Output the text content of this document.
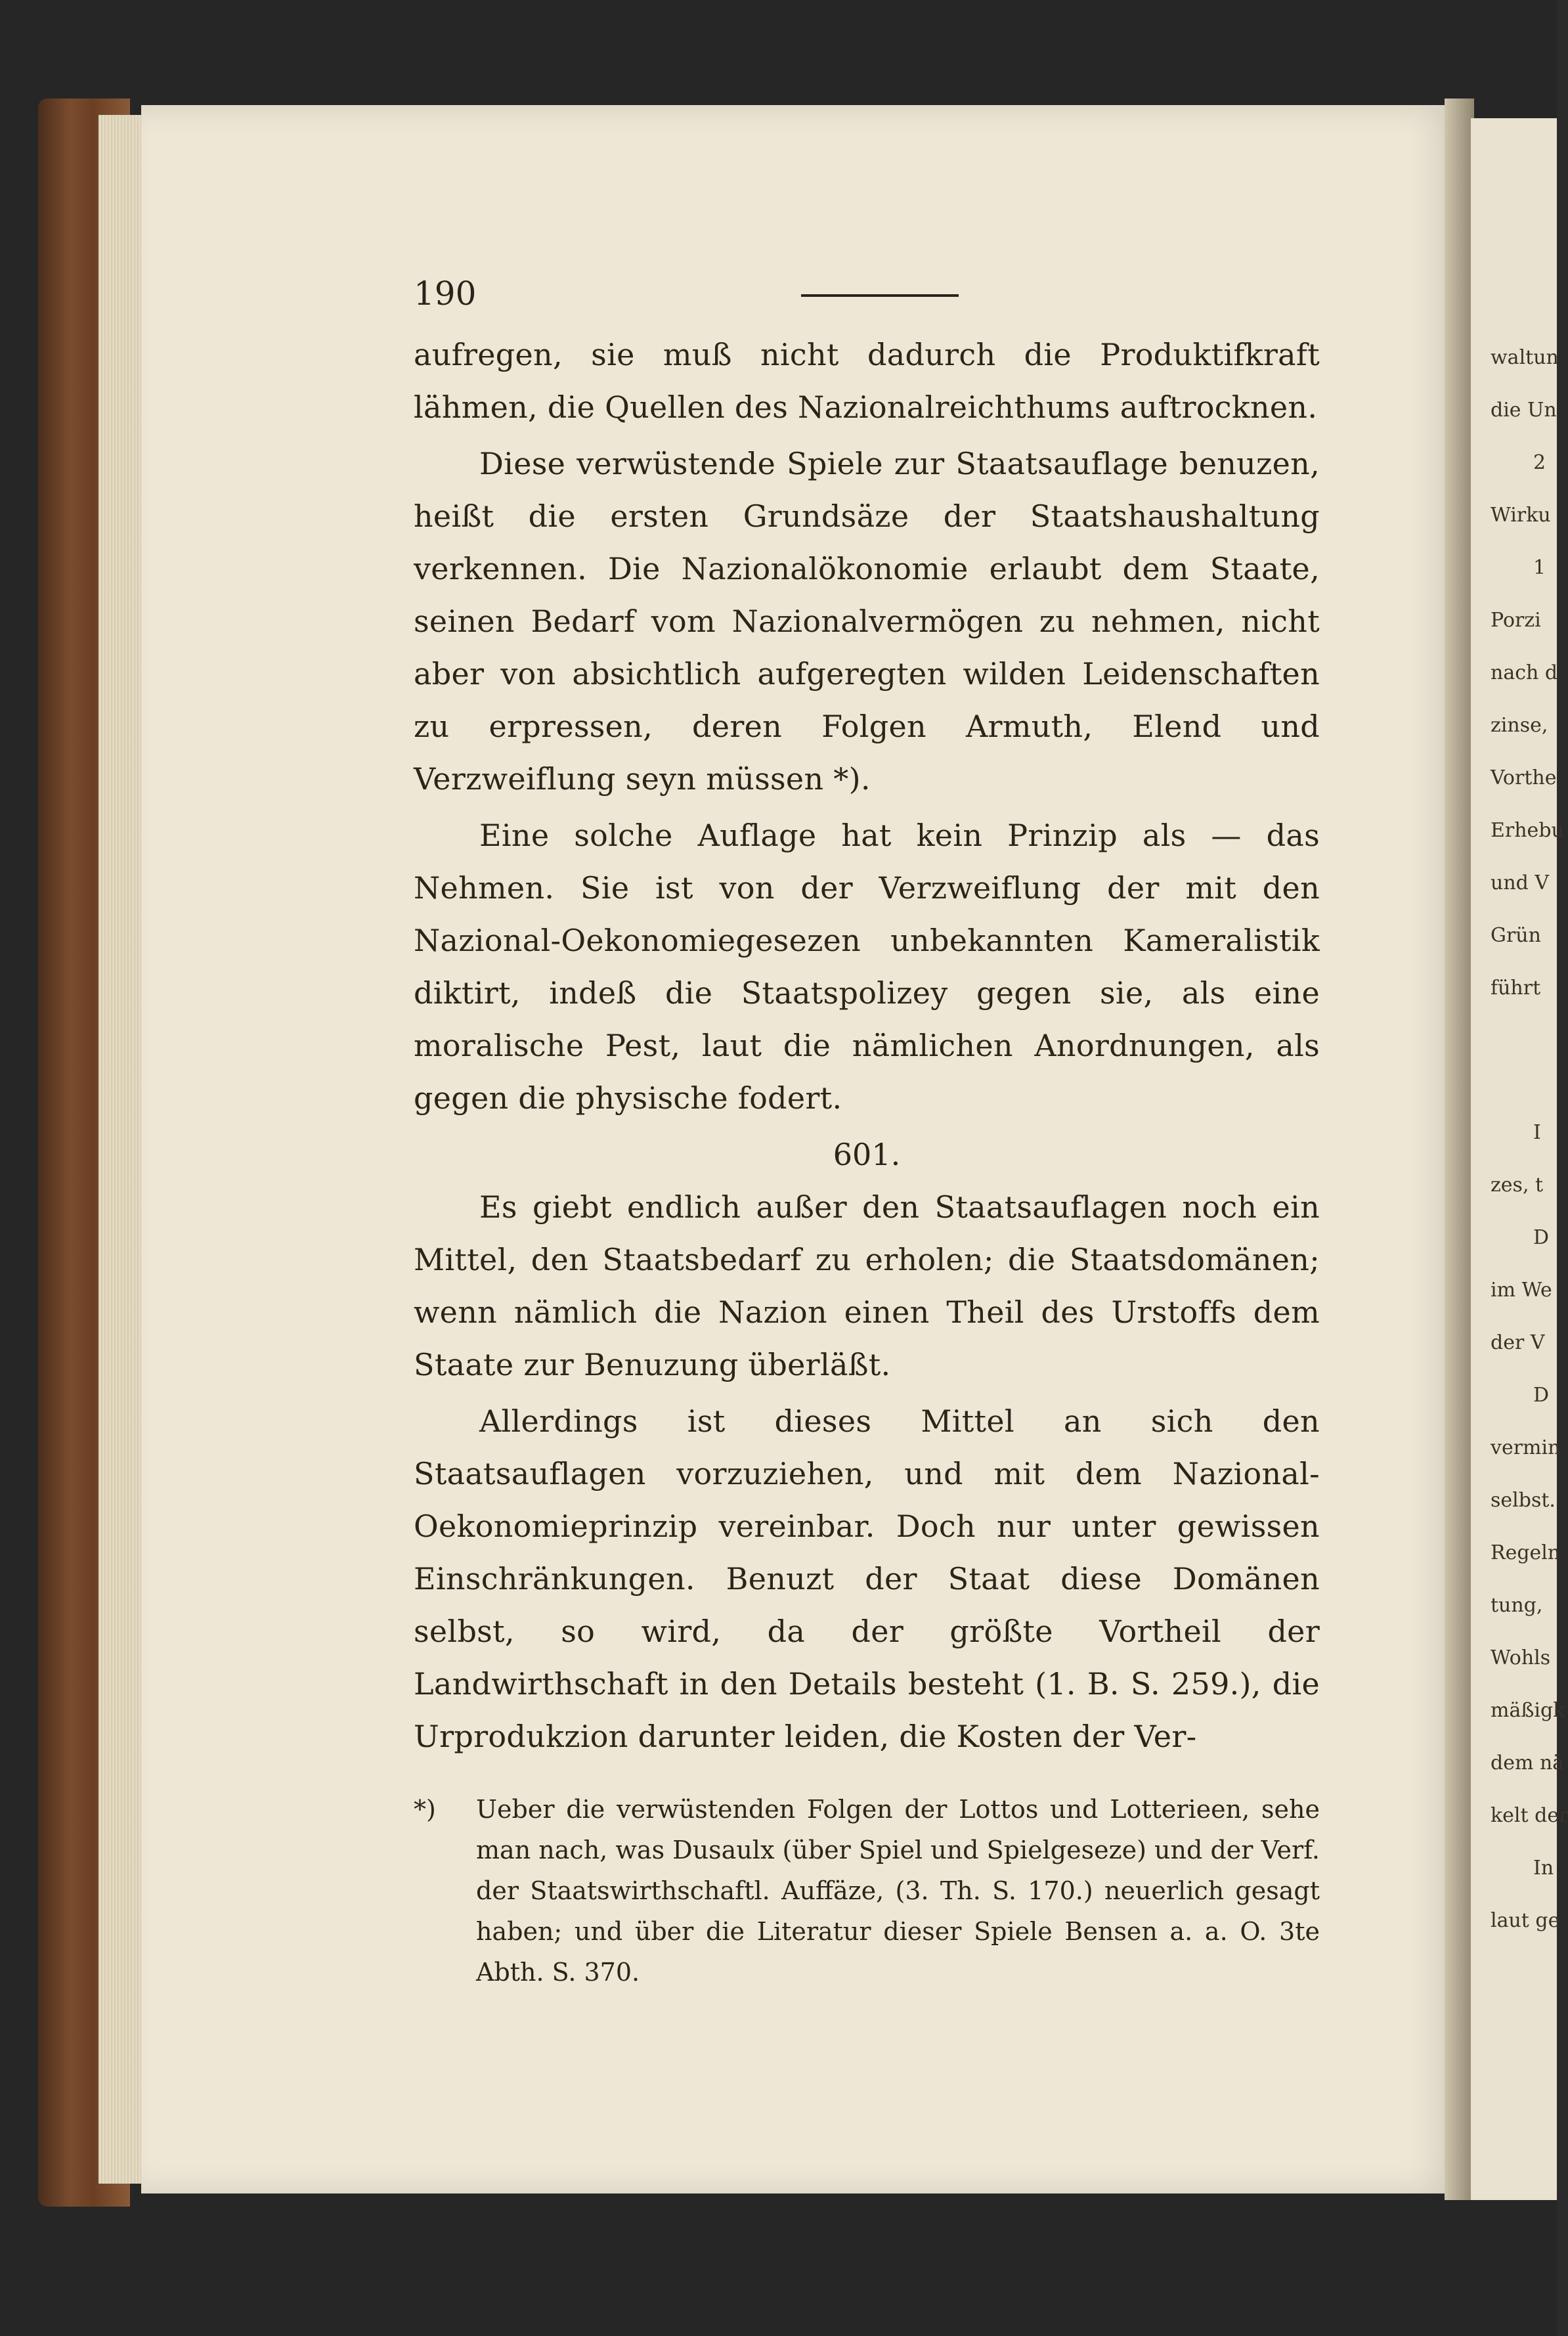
waltun
die Un
2
Wirku
1
Porzi
nach d
zinse,
Vorthe
Erhebu
und V
Grün
führt
I
zes, t
D
im We
der V
D
vermin
selbst.
Regeln
tung,
Wohls
mäßigk
dem nä
kelt der
In
laut ge
190

aufregen, sie muß nicht dadurch die Produktifkraft lähmen, die Quellen des Nazionalreichthums auftrocknen.

Diese verwüstende Spiele zur Staatsauflage benuzen, heißt die ersten Grundsäze der Staatshaushaltung verkennen. Die Nazionalökonomie erlaubt dem Staate, seinen Bedarf vom Nazionalvermögen zu nehmen, nicht aber von absichtlich aufgeregten wilden Leidenschaften zu erpressen, deren Folgen Armuth, Elend und Verzweiflung seyn müssen *).

Eine solche Auflage hat kein Prinzip als — das Nehmen. Sie ist von der Verzweiflung der mit den Nazional-Oekonomiegesezen unbekannten Kameralistik diktirt, indeß die Staatspolizey gegen sie, als eine moralische Pest, laut die nämlichen Anordnungen, als gegen die physische fodert.

601.

Es giebt endlich außer den Staatsauflagen noch ein Mittel, den Staatsbedarf zu erholen; die Staatsdomänen; wenn nämlich die Nazion einen Theil des Urstoffs dem Staate zur Benuzung überläßt.

Allerdings ist dieses Mittel an sich den Staatsauflagen vorzuziehen, und mit dem Nazional-Oekonomieprinzip vereinbar. Doch nur unter gewissen Einschränkungen. Benuzt der Staat diese Domänen selbst, so wird, da der größte Vortheil der Landwirthschaft in den Details besteht (1. B. S. 259.), die Urprodukzion darunter leiden, die Kosten der Ver-

*) Ueber die verwüstenden Folgen der Lottos und Lotterieen, sehe man nach, was Dusaulx (über Spiel und Spielgeseze) und der Verf. der Staatswirthschaftl. Auffäze, (3. Th. S. 170.) neuerlich gesagt haben; und über die Literatur dieser Spiele Bensen a. a. O. 3te Abth. S. 370.
